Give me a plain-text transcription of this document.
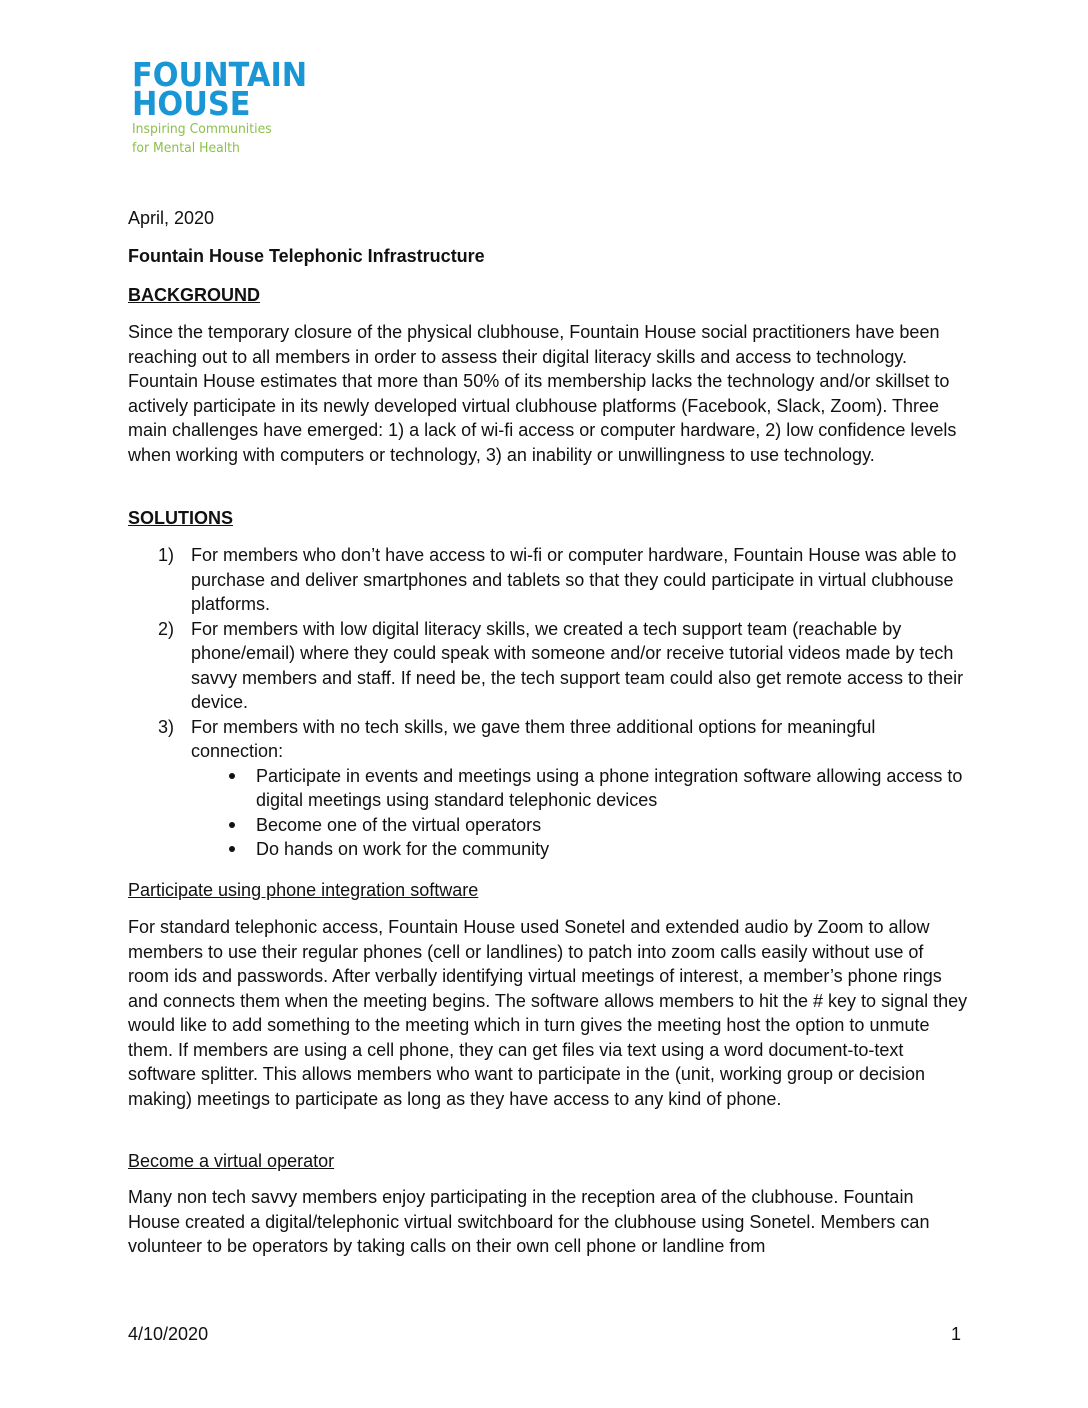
FOUNTAIN
HOUSE
Inspiring Communities
for Mental Health
April, 2020
Fountain House Telephonic Infrastructure
BACKGROUND
Since the temporary closure of the physical clubhouse, Fountain House social practitioners have been reaching out to all members in order to assess their digital literacy skills and access to technology. Fountain House estimates that more than 50% of its membership lacks the technology and/or skillset to actively participate in its newly developed virtual clubhouse platforms (Facebook, Slack, Zoom). Three main challenges have emerged: 1) a lack of wi-fi access or computer hardware, 2) low confidence levels when working with computers or technology, 3) an inability or unwillingness to use technology.
SOLUTIONS
1) For members who don’t have access to wi-fi or computer hardware, Fountain House was able to purchase and deliver smartphones and tablets so that they could participate in virtual clubhouse platforms.
2) For members with low digital literacy skills, we created a tech support team (reachable by phone/email) where they could speak with someone and/or receive tutorial videos made by tech savvy members and staff. If need be, the tech support team could also get remote access to their device.
3) For members with no tech skills, we gave them three additional options for meaningful connection:
Participate in events and meetings using a phone integration software allowing access to digital meetings using standard telephonic devices
Become one of the virtual operators
Do hands on work for the community
Participate using phone integration software
For standard telephonic access, Fountain House used Sonetel and extended audio by Zoom to allow members to use their regular phones (cell or landlines) to patch into zoom calls easily without use of room ids and passwords. After verbally identifying virtual meetings of interest, a member’s phone rings and connects them when the meeting begins. The software allows members to hit the # key to signal they would like to add something to the meeting which in turn gives the meeting host the option to unmute them. If members are using a cell phone, they can get files via text using a word document-to-text software splitter. This allows members who want to participate in the (unit, working group or decision making) meetings to participate as long as they have access to any kind of phone.
Become a virtual operator
Many non tech savvy members enjoy participating in the reception area of the clubhouse. Fountain House created a digital/telephonic virtual switchboard for the clubhouse using Sonetel. Members can volunteer to be operators by taking calls on their own cell phone or landline from
4/10/2020	1
